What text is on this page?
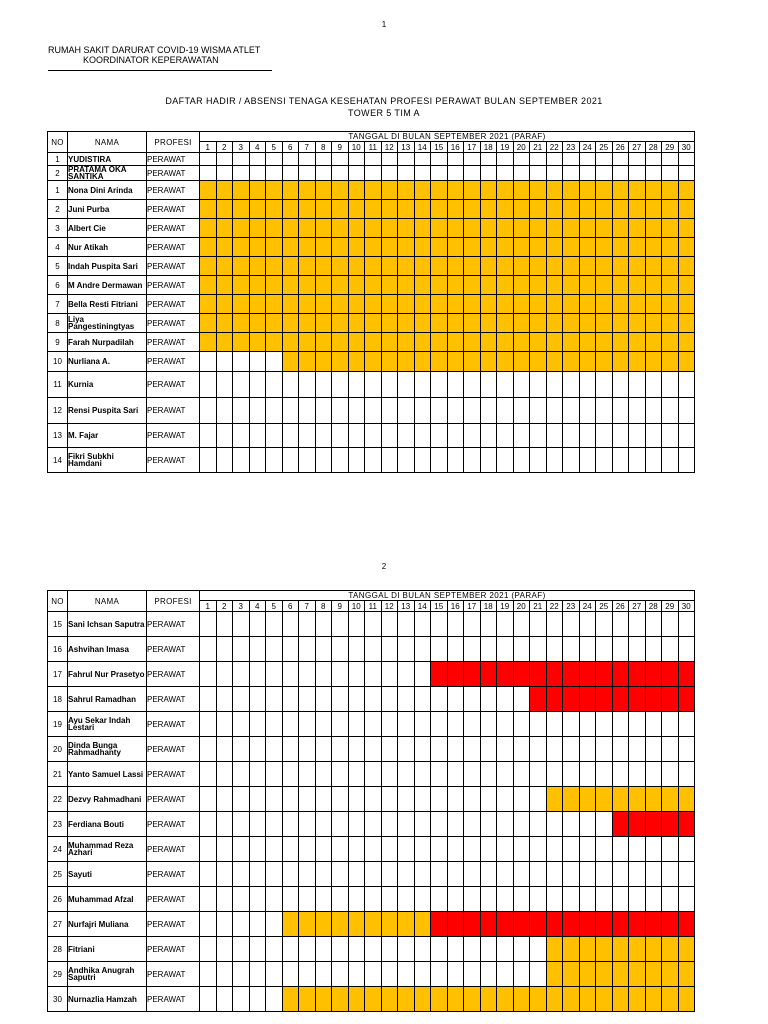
1
RUMAH SAKIT DARURAT COVID-19 WISMA ATLET
KOORDINATOR KEPERAWATAN
DAFTAR HADIR / ABSENSI TENAGA KESEHATAN PROFESI PERAWAT BULAN SEPTEMBER 2021
TOWER 5 TIM A
NO	NAMA	PROFESI	TANGGAL DI BULAN SEPTEMBER 2021 (PARAF)																													
			1	2	3	4	5	6	7	8	9	10	11	12	13	14	15	16	17	18	19	20	21	22	23	24	25	26	27	28	29	30
1	YUDISTIRA	PERAWAT																														
2	PRATAMA OKA SANTIKA	PERAWAT																														
1	Nona Dini Arinda	PERAWAT																														
2	Juni Purba	PERAWAT																														
3	Albert Cie	PERAWAT																														
4	Nur Atikah	PERAWAT																														
5	Indah Puspita Sari	PERAWAT																														
6	M Andre Dermawan	PERAWAT																														
7	Bella Resti Fitriani	PERAWAT																														
8	Liya Pangestiningtyas	PERAWAT																														
9	Farah Nurpadilah	PERAWAT																														
10	Nurliana A.	PERAWAT																														
11	Kurnia	PERAWAT																														
12	Rensi Puspita Sari	PERAWAT																														
13	M. Fajar	PERAWAT																														
14	Fikri Subkhi Hamdani	PERAWAT																														
2
NO	NAMA	PROFESI	TANGGAL DI BULAN SEPTEMBER 2021 (PARAF)																													
			1	2	3	4	5	6	7	8	9	10	11	12	13	14	15	16	17	18	19	20	21	22	23	24	25	26	27	28	29	30
15	Sani Ichsan Saputra	PERAWAT																														
16	Ashvihan Imasa	PERAWAT																														
17	Fahrul Nur Prasetyo	PERAWAT																														
18	Sahrul Ramadhan	PERAWAT																														
19	Ayu Sekar Indah Lestari	PERAWAT																														
20	Dinda Bunga Rahmadhanty	PERAWAT																														
21	Yanto Samuel Lassi	PERAWAT																														
22	Dezvy Rahmadhani	PERAWAT																														
23	Ferdiana Bouti	PERAWAT																														
24	Muhammad Reza Azhari	PERAWAT																														
25	Sayuti	PERAWAT																														
26	Muhammad Afzal	PERAWAT																														
27	Nurfajri Muliana	PERAWAT																														
28	Fitriani	PERAWAT																														
29	Andhika Anugrah Saputri	PERAWAT																														
30	Nurnazlia Hamzah	PERAWAT																														
